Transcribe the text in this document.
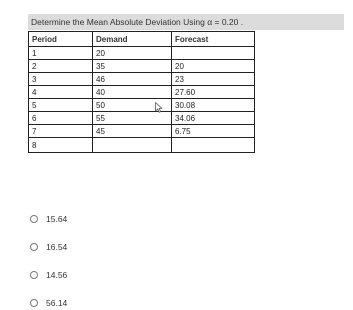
Determine the Mean Absolute Deviation Using α = 0.20 .
Period	Demand	Forecast
1	20	
2	35	20
3	46	23
4	40	27.60
5	50	30.08
6	55	34.06
7	45	6.75
8		
15.64
16.54
14.56
56.14
